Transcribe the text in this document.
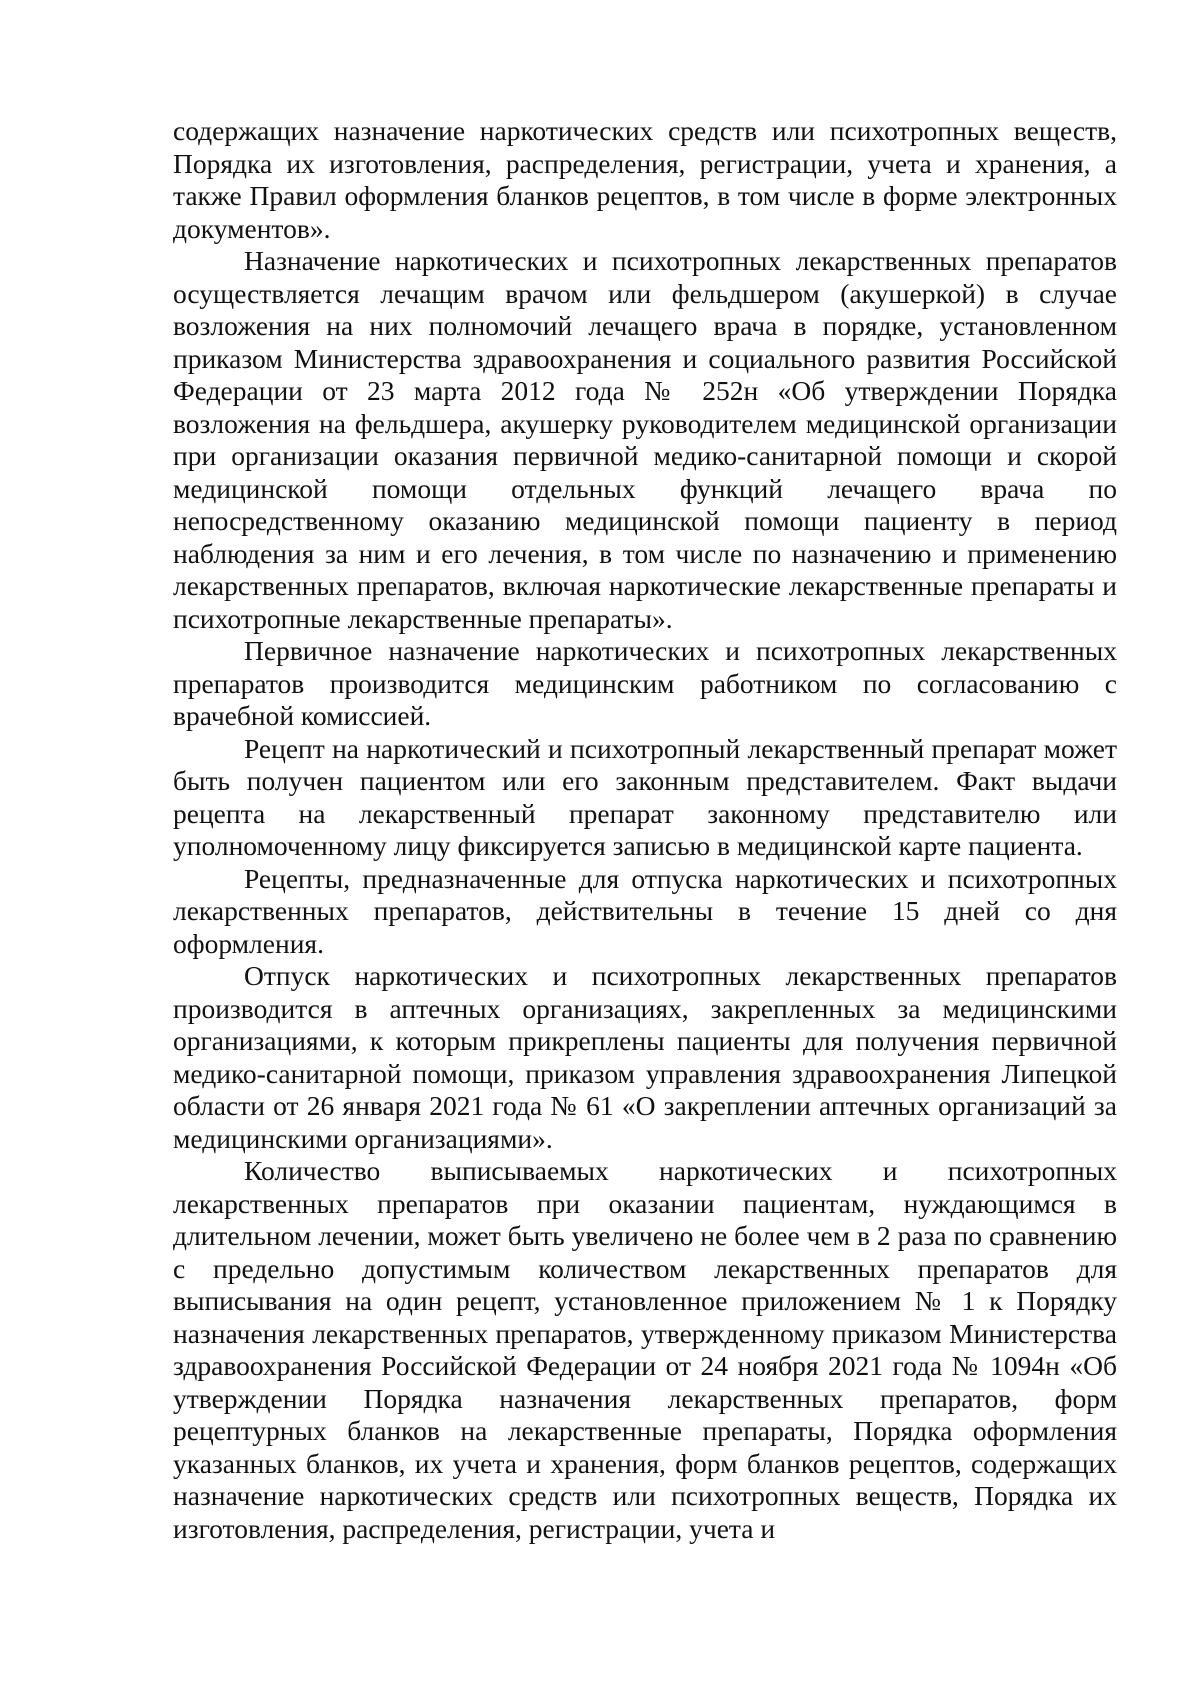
содержащих назначение наркотических средств или психотропных веществ, Порядка их изготовления, распределения, регистрации, учета и хранения, а также Правил оформления бланков рецептов, в том числе в форме электронных документов».

Назначение наркотических и психотропных лекарственных препаратов осуществляется лечащим врачом или фельдшером (акушеркой) в случае возложения на них полномочий лечащего врача в порядке, установленном приказом Министерства здравоохранения и социального развития Российской Федерации от 23 марта 2012 года № 252н «Об утверждении Порядка возложения на фельдшера, акушерку руководителем медицинской организации при организации оказания первичной медико-санитарной помощи и скорой медицинской помощи отдельных функций лечащего врача по непосредственному оказанию медицинской помощи пациенту в период наблюдения за ним и его лечения, в том числе по назначению и применению лекарственных препаратов, включая наркотические лекарственные препараты и психотропные лекарственные препараты».

Первичное назначение наркотических и психотропных лекарственных препаратов производится медицинским работником по согласованию с врачебной комиссией.

Рецепт на наркотический и психотропный лекарственный препарат может быть получен пациентом или его законным представителем. Факт выдачи рецепта на лекарственный препарат законному представителю или уполномоченному лицу фиксируется записью в медицинской карте пациента.

Рецепты, предназначенные для отпуска наркотических и психотропных лекарственных препаратов, действительны в течение 15 дней со дня оформления.

Отпуск наркотических и психотропных лекарственных препаратов производится в аптечных организациях, закрепленных за медицинскими организациями, к которым прикреплены пациенты для получения первичной медико-санитарной помощи, приказом управления здравоохранения Липецкой области от 26 января 2021 года № 61 «О закреплении аптечных организаций за медицинскими организациями».

Количество выписываемых наркотических и психотропных лекарственных препаратов при оказании пациентам, нуждающимся в длительном лечении, может быть увеличено не более чем в 2 раза по сравнению с предельно допустимым количеством лекарственных препаратов для выписывания на один рецепт, установленное приложением № 1 к Порядку назначения лекарственных препаратов, утвержденному приказом Министерства здравоохранения Российской Федерации от 24 ноября 2021 года № 1094н «Об утверждении Порядка назначения лекарственных препаратов, форм рецептурных бланков на лекарственные препараты, Порядка оформления указанных бланков, их учета и хранения, форм бланков рецептов, содержащих назначение наркотических средств или психотропных веществ, Порядка их изготовления, распределения, регистрации, учета и
